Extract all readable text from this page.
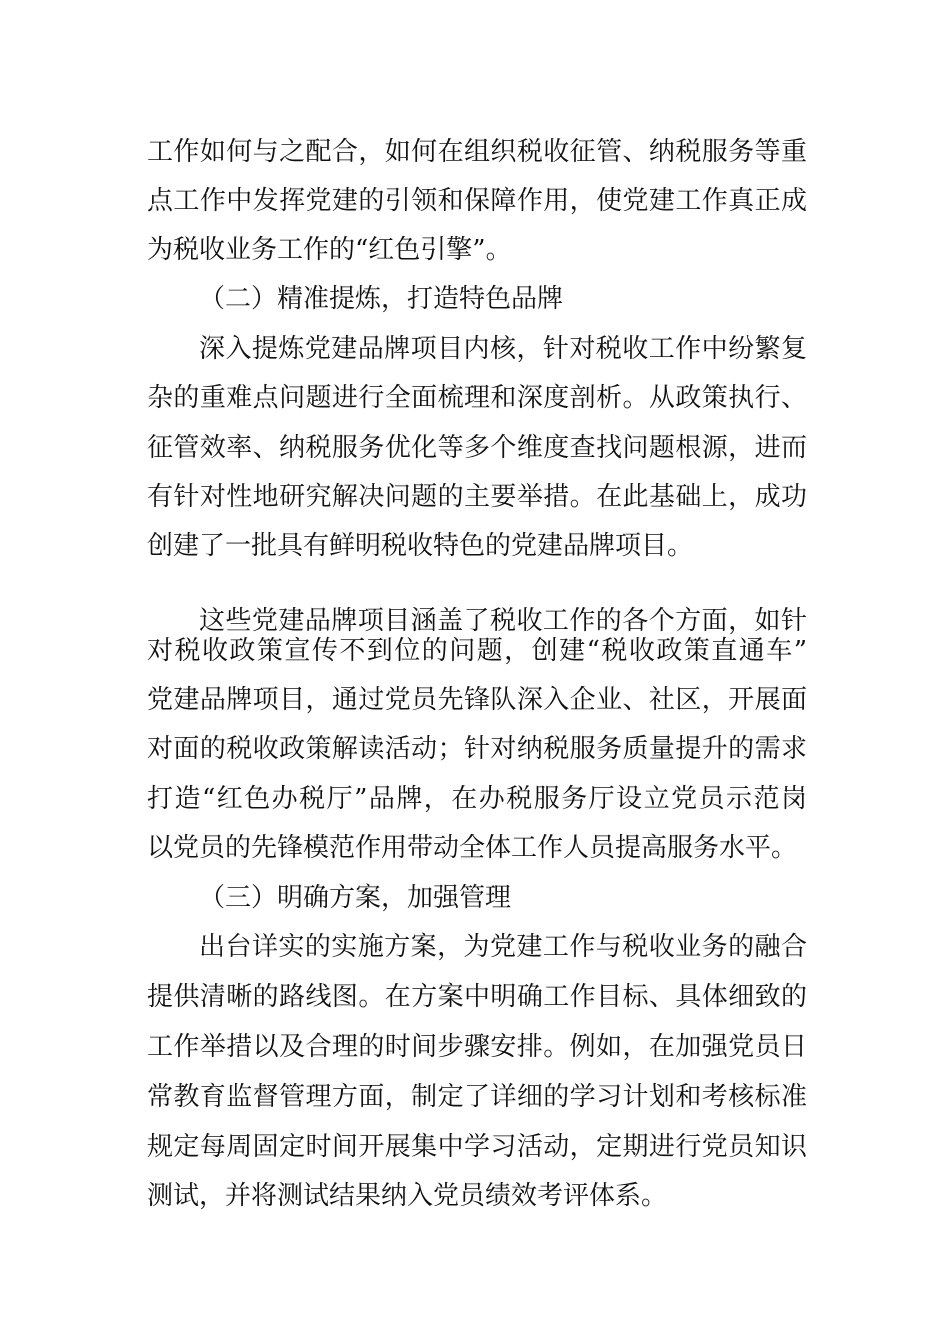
工作如何与之配合，如何在组织税收征管、纳税服务等重
点工作中发挥党建的引领和保障作用，使党建工作真正成
为税收业务工作的“红色引擎”。
（二）精准提炼，打造特色品牌
深入提炼党建品牌项目内核，针对税收工作中纷繁复
杂的重难点问题进行全面梳理和深度剖析。从政策执行、
征管效率、纳税服务优化等多个维度查找问题根源，进而
有针对性地研究解决问题的主要举措。在此基础上，成功
创建了一批具有鲜明税收特色的党建品牌项目。
这些党建品牌项目涵盖了税收工作的各个方面，如针
对税收政策宣传不到位的问题，创建“税收政策直通车”
党建品牌项目，通过党员先锋队深入企业、社区，开展面
对面的税收政策解读活动；针对纳税服务质量提升的需求
打造“红色办税厅”品牌，在办税服务厅设立党员示范岗
以党员的先锋模范作用带动全体工作人员提高服务水平。
（三）明确方案，加强管理
出台详实的实施方案，为党建工作与税收业务的融合
提供清晰的路线图。在方案中明确工作目标、具体细致的
工作举措以及合理的时间步骤安排。例如，在加强党员日
常教育监督管理方面，制定了详细的学习计划和考核标准
规定每周固定时间开展集中学习活动，定期进行党员知识
测试，并将测试结果纳入党员绩效考评体系。
